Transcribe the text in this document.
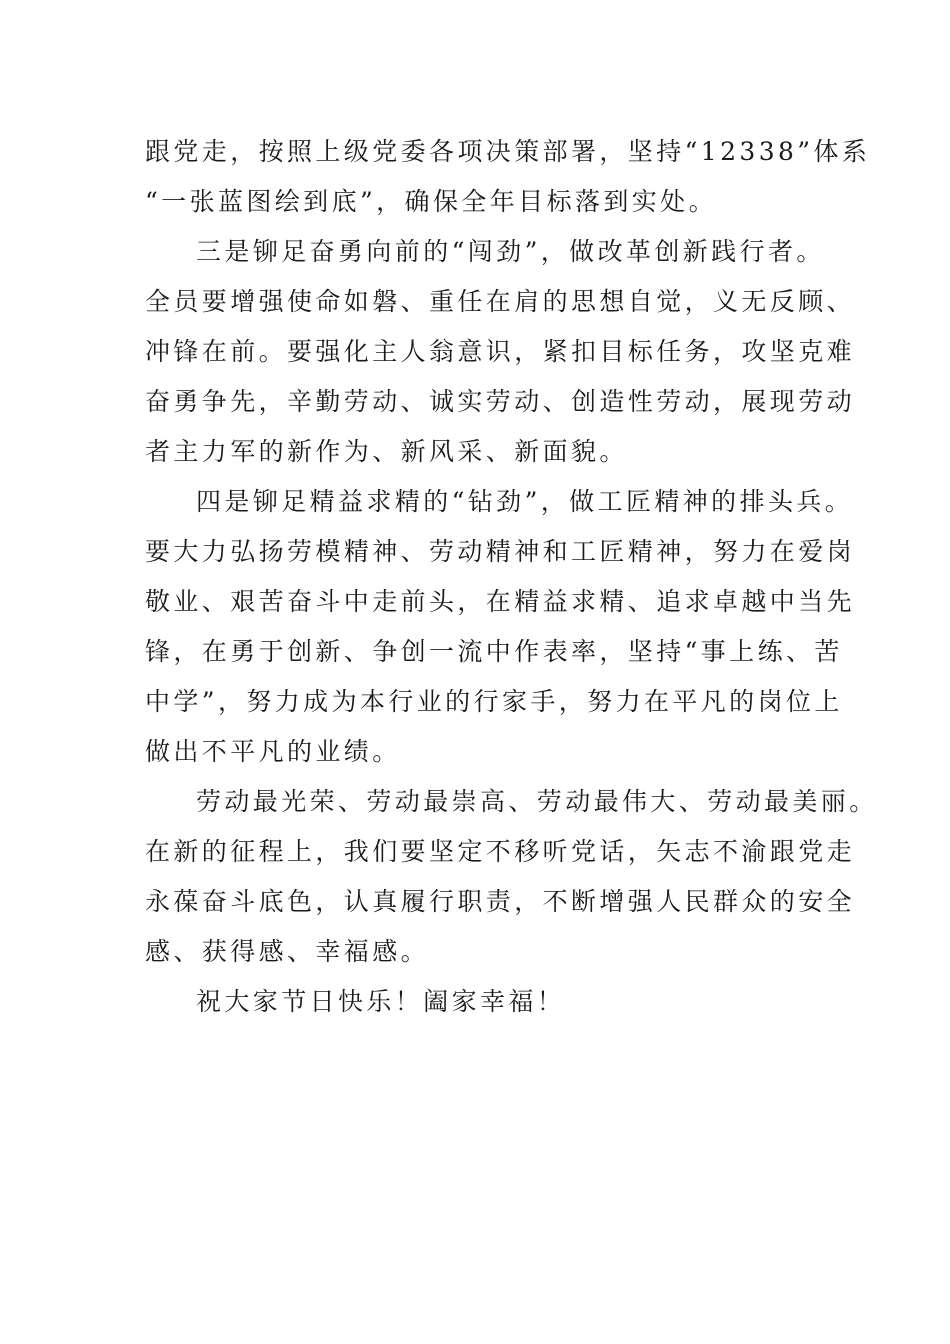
跟党走，按照上级党委各项决策部署，坚持“12338”体系
“一张蓝图绘到底”，确保全年目标落到实处。
三是铆足奋勇向前的“闯劲”，做改革创新践行者。
全员要增强使命如磐、重任在肩的思想自觉，义无反顾、
冲锋在前。要强化主人翁意识，紧扣目标任务，攻坚克难
奋勇争先，辛勤劳动、诚实劳动、创造性劳动，展现劳动
者主力军的新作为、新风采、新面貌。
四是铆足精益求精的“钻劲”，做工匠精神的排头兵。
要大力弘扬劳模精神、劳动精神和工匠精神，努力在爱岗
敬业、艰苦奋斗中走前头，在精益求精、追求卓越中当先
锋，在勇于创新、争创一流中作表率，坚持“事上练、苦
中学”，努力成为本行业的行家手，努力在平凡的岗位上
做出不平凡的业绩。
劳动最光荣、劳动最崇高、劳动最伟大、劳动最美丽。
在新的征程上，我们要坚定不移听党话，矢志不渝跟党走
永葆奋斗底色，认真履行职责，不断增强人民群众的安全
感、获得感、幸福感。
祝大家节日快乐！阖家幸福！
